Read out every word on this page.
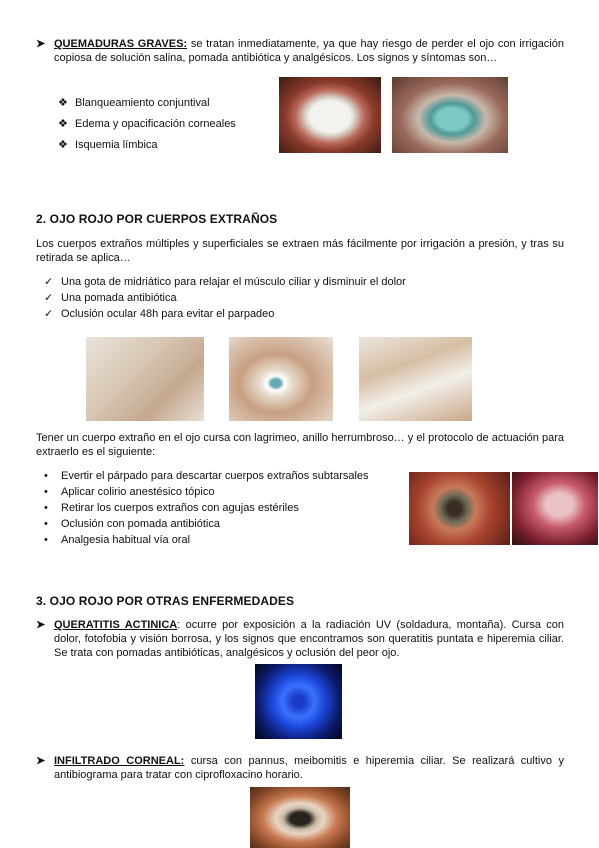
➤ QUEMADURAS GRAVES: se tratan inmediatamente, ya que hay riesgo de perder el ojo con irrigación copiosa de solución salina, pomada antibiótica y analgésicos. Los signos y síntomas son…
❖ Blanqueamiento conjuntival
❖ Edema y opacificación corneales
❖ Isquemia límbica
2. OJO ROJO POR CUERPOS EXTRAÑOS
Los cuerpos extraños múltiples y superficiales se extraen más fácilmente por irrigación a presión, y tras su retirada se aplica…
✓ Una gota de midriático para relajar el músculo ciliar y disminuir el dolor
✓ Una pomada antibiótica
✓ Oclusión ocular 48h para evitar el parpadeo
Tener un cuerpo extraño en el ojo cursa con lagrimeo, anillo herrumbroso… y el protocolo de actuación para extraerlo es el siguiente:
• Evertir el párpado para descartar cuerpos extraños subtarsales
• Aplicar colirio anestésico tópico
• Retirar los cuerpos extraños con agujas estériles
• Oclusión con pomada antibiótica
• Analgesia habitual vía oral
3. OJO ROJO POR OTRAS ENFERMEDADES
➤ QUERATITIS ACTINICA: ocurre por exposición a la radiación UV (soldadura, montaña). Cursa con dolor, fotofobia y visión borrosa, y los signos que encontramos son queratitis puntata e hiperemia ciliar. Se trata con pomadas antibióticas, analgésicos y oclusión del peor ojo.
➤ INFILTRADO CORNEAL: cursa con pannus, meibomitis e hiperemia ciliar. Se realizará cultivo y antibiograma para tratar con ciprofloxacino horario.
